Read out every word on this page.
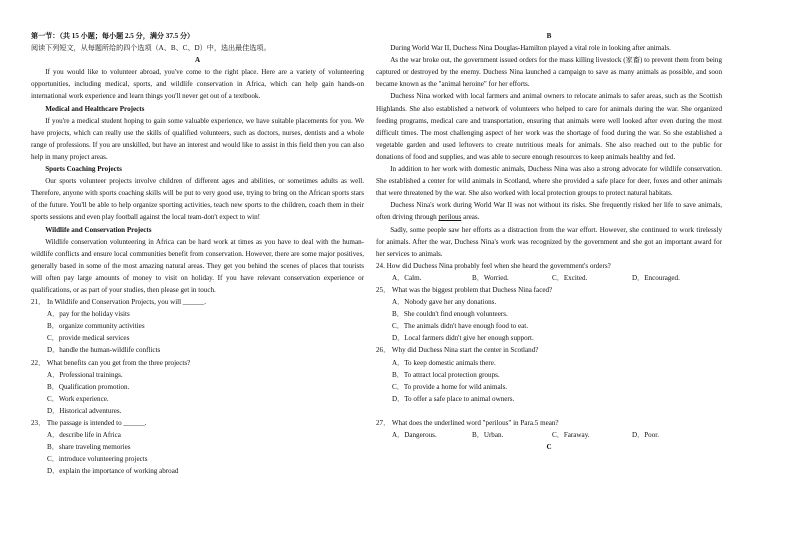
第一节：（共 15 小题；每小题 2.5 分，满分 37.5 分）

阅读下列短文，从每题所给的四个选项（A、B、C、D）中，选出最佳选项。

A

If you would like to volunteer abroad, you've come to the right place. Here are a variety of volunteering opportunities, including medical, sports, and wildlife conservation in Africa, which can help gain hands-on international work experience and learn things you'll never get out of a textbook.

Medical and Healthcare Projects

If you're a medical student hoping to gain some valuable experience, we have suitable placements for you. We have projects, which can really use the skills of qualified volunteers, such as doctors, nurses, dentists and a whole range of professions. If you are unskilled, but have an interest and would like to assist in this field then you can also help in many project areas.

Sports Coaching Projects

Our sports volunteer projects involve children of different ages and abilities, or sometimes adults as well. Therefore, anyone with sports coaching skills will be put to very good use, trying to bring on the African sports stars of the future. You'll be able to help organize sporting activities, teach new sports to the children, coach them in their sports sessions and even play football against the local team-don't expect to win!

Wildlife and Conservation Projects

Wildlife conservation volunteering in Africa can be hard work at times as you have to deal with the human-wildlife conflicts and ensure local communities benefit from conservation. However, there are some major positives, generally based in some of the most amazing natural areas. They get you behind the scenes of places that tourists will often pay large amounts of money to visit on holiday. If you have relevant conservation experience or qualifications, or as part of your studies, then please get in touch.

21． In Wildlife and Conservation Projects, you will ______.

A．pay for the holiday visits

B．organize community activities

C．provide medical services

D．handle the human-wildlife conflicts

22． What benefits can you get from the three projects?

A．Professional trainings.

B．Qualification promotion.

C．Work experience.

D．Historical adventures.

23． The passage is intended to ______.

A．describe life in Africa

B．share traveling memories

C．introduce volunteering projects

D．explain the importance of working abroad

B

During World War II, Duchess Nina Douglas-Hamilton played a vital role in looking after animals.

As the war broke out, the government issued orders for the mass killing livestock (家畜) to prevent them from being captured or destroyed by the enemy. Duchess Nina launched a campaign to save as many animals as possible, and soon became known as the "animal heroine" for her efforts.

Duchess Nina worked with local farmers and animal owners to relocate animals to safer areas, such as the Scottish Highlands. She also established a network of volunteers who helped to care for animals during the war. She organized feeding programs, medical care and transportation, ensuring that animals were well looked after even during the most difficult times. The most challenging aspect of her work was the shortage of food during the war. So she established a vegetable garden and used leftovers to create nutritious meals for animals. She also reached out to the public for donations of food and supplies, and was able to secure enough resources to keep animals healthy and fed.

In addition to her work with domestic animals, Duchess Nina was also a strong advocate for wildlife conservation. She established a center for wild animals in Scotland, where she provided a safe place for deer, foxes and other animals that were threatened by the war. She also worked with local protection groups to protect natural habitats.

Duchess Nina's work during World War II was not without its risks. She frequently risked her life to save animals, often driving through perilous areas.

Sadly, some people saw her efforts as a distraction from the war effort. However, she continued to work tirelessly for animals. After the war, Duchess Nina's work was recognized by the government and she got an important award for her services to animals.

24. How did Duchess Nina probably feel when she heard the government's orders?

A．Calm.	B．Worried.	C．Excited.	D．Encouraged.

25． What was the biggest problem that Duchess Nina faced?

A．Nobody gave her any donations.

B．She couldn't find enough volunteers.

C．The animals didn't have enough food to eat.

D．Local farmers didn't give her enough support.

26． Why did Duchess Nina start the center in Scotland?

A．To keep domestic animals there.

B．To attract local protection groups.

C．To provide a home for wild animals.

D．To offer a safe place to animal owners.

27． What does the underlined word "perilous" in Para.5 mean?

A．Dangerous.	B．Urban.	C．Faraway.	D．Poor.

C
